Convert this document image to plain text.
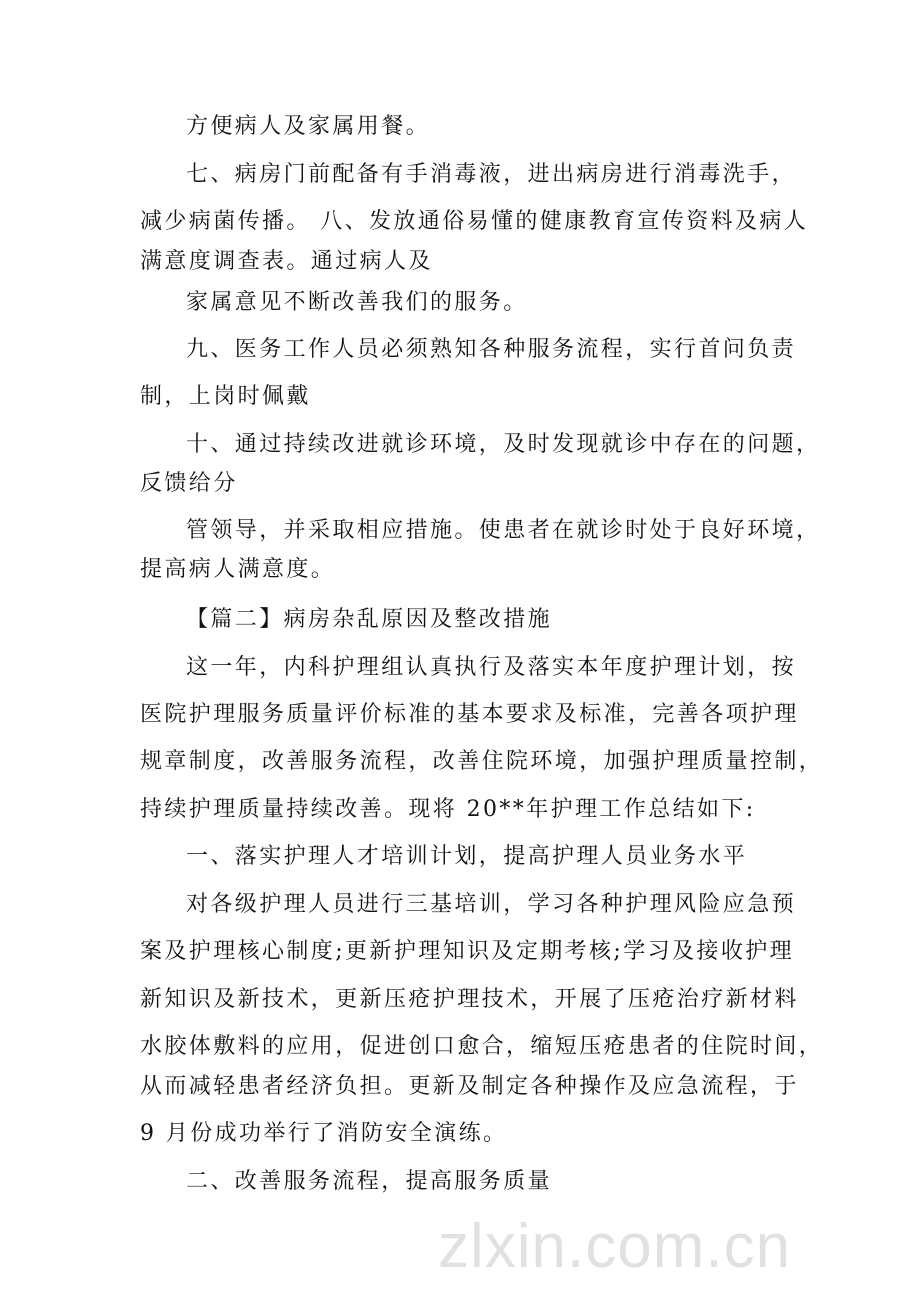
方便病人及家属用餐。
七、病房门前配备有手消毒液，进出病房进行消毒洗手，
减少病菌传播。 八、发放通俗易懂的健康教育宣传资料及病人
满意度调查表。通过病人及
家属意见不断改善我们的服务。
九、医务工作人员必须熟知各种服务流程，实行首问负责
制，上岗时佩戴
十、通过持续改进就诊环境，及时发现就诊中存在的问题，
反馈给分
管领导，并采取相应措施。使患者在就诊时处于良好环境，
提高病人满意度。
【篇二】病房杂乱原因及整改措施
这一年，内科护理组认真执行及落实本年度护理计划，按
医院护理服务质量评价标准的基本要求及标准，完善各项护理
规章制度，改善服务流程，改善住院环境，加强护理质量控制，
持续护理质量持续改善。现将 20**年护理工作总结如下:
一、落实护理人才培训计划，提高护理人员业务水平
对各级护理人员进行三基培训，学习各种护理风险应急预
案及护理核心制度;更新护理知识及定期考核;学习及接收护理
新知识及新技术，更新压疮护理技术，开展了压疮治疗新材料
水胶体敷料的应用，促进创口愈合，缩短压疮患者的住院时间，
从而减轻患者经济负担。更新及制定各种操作及应急流程，于
9 月份成功举行了消防安全演练。
二、改善服务流程，提高服务质量
zlxin.com.cn
